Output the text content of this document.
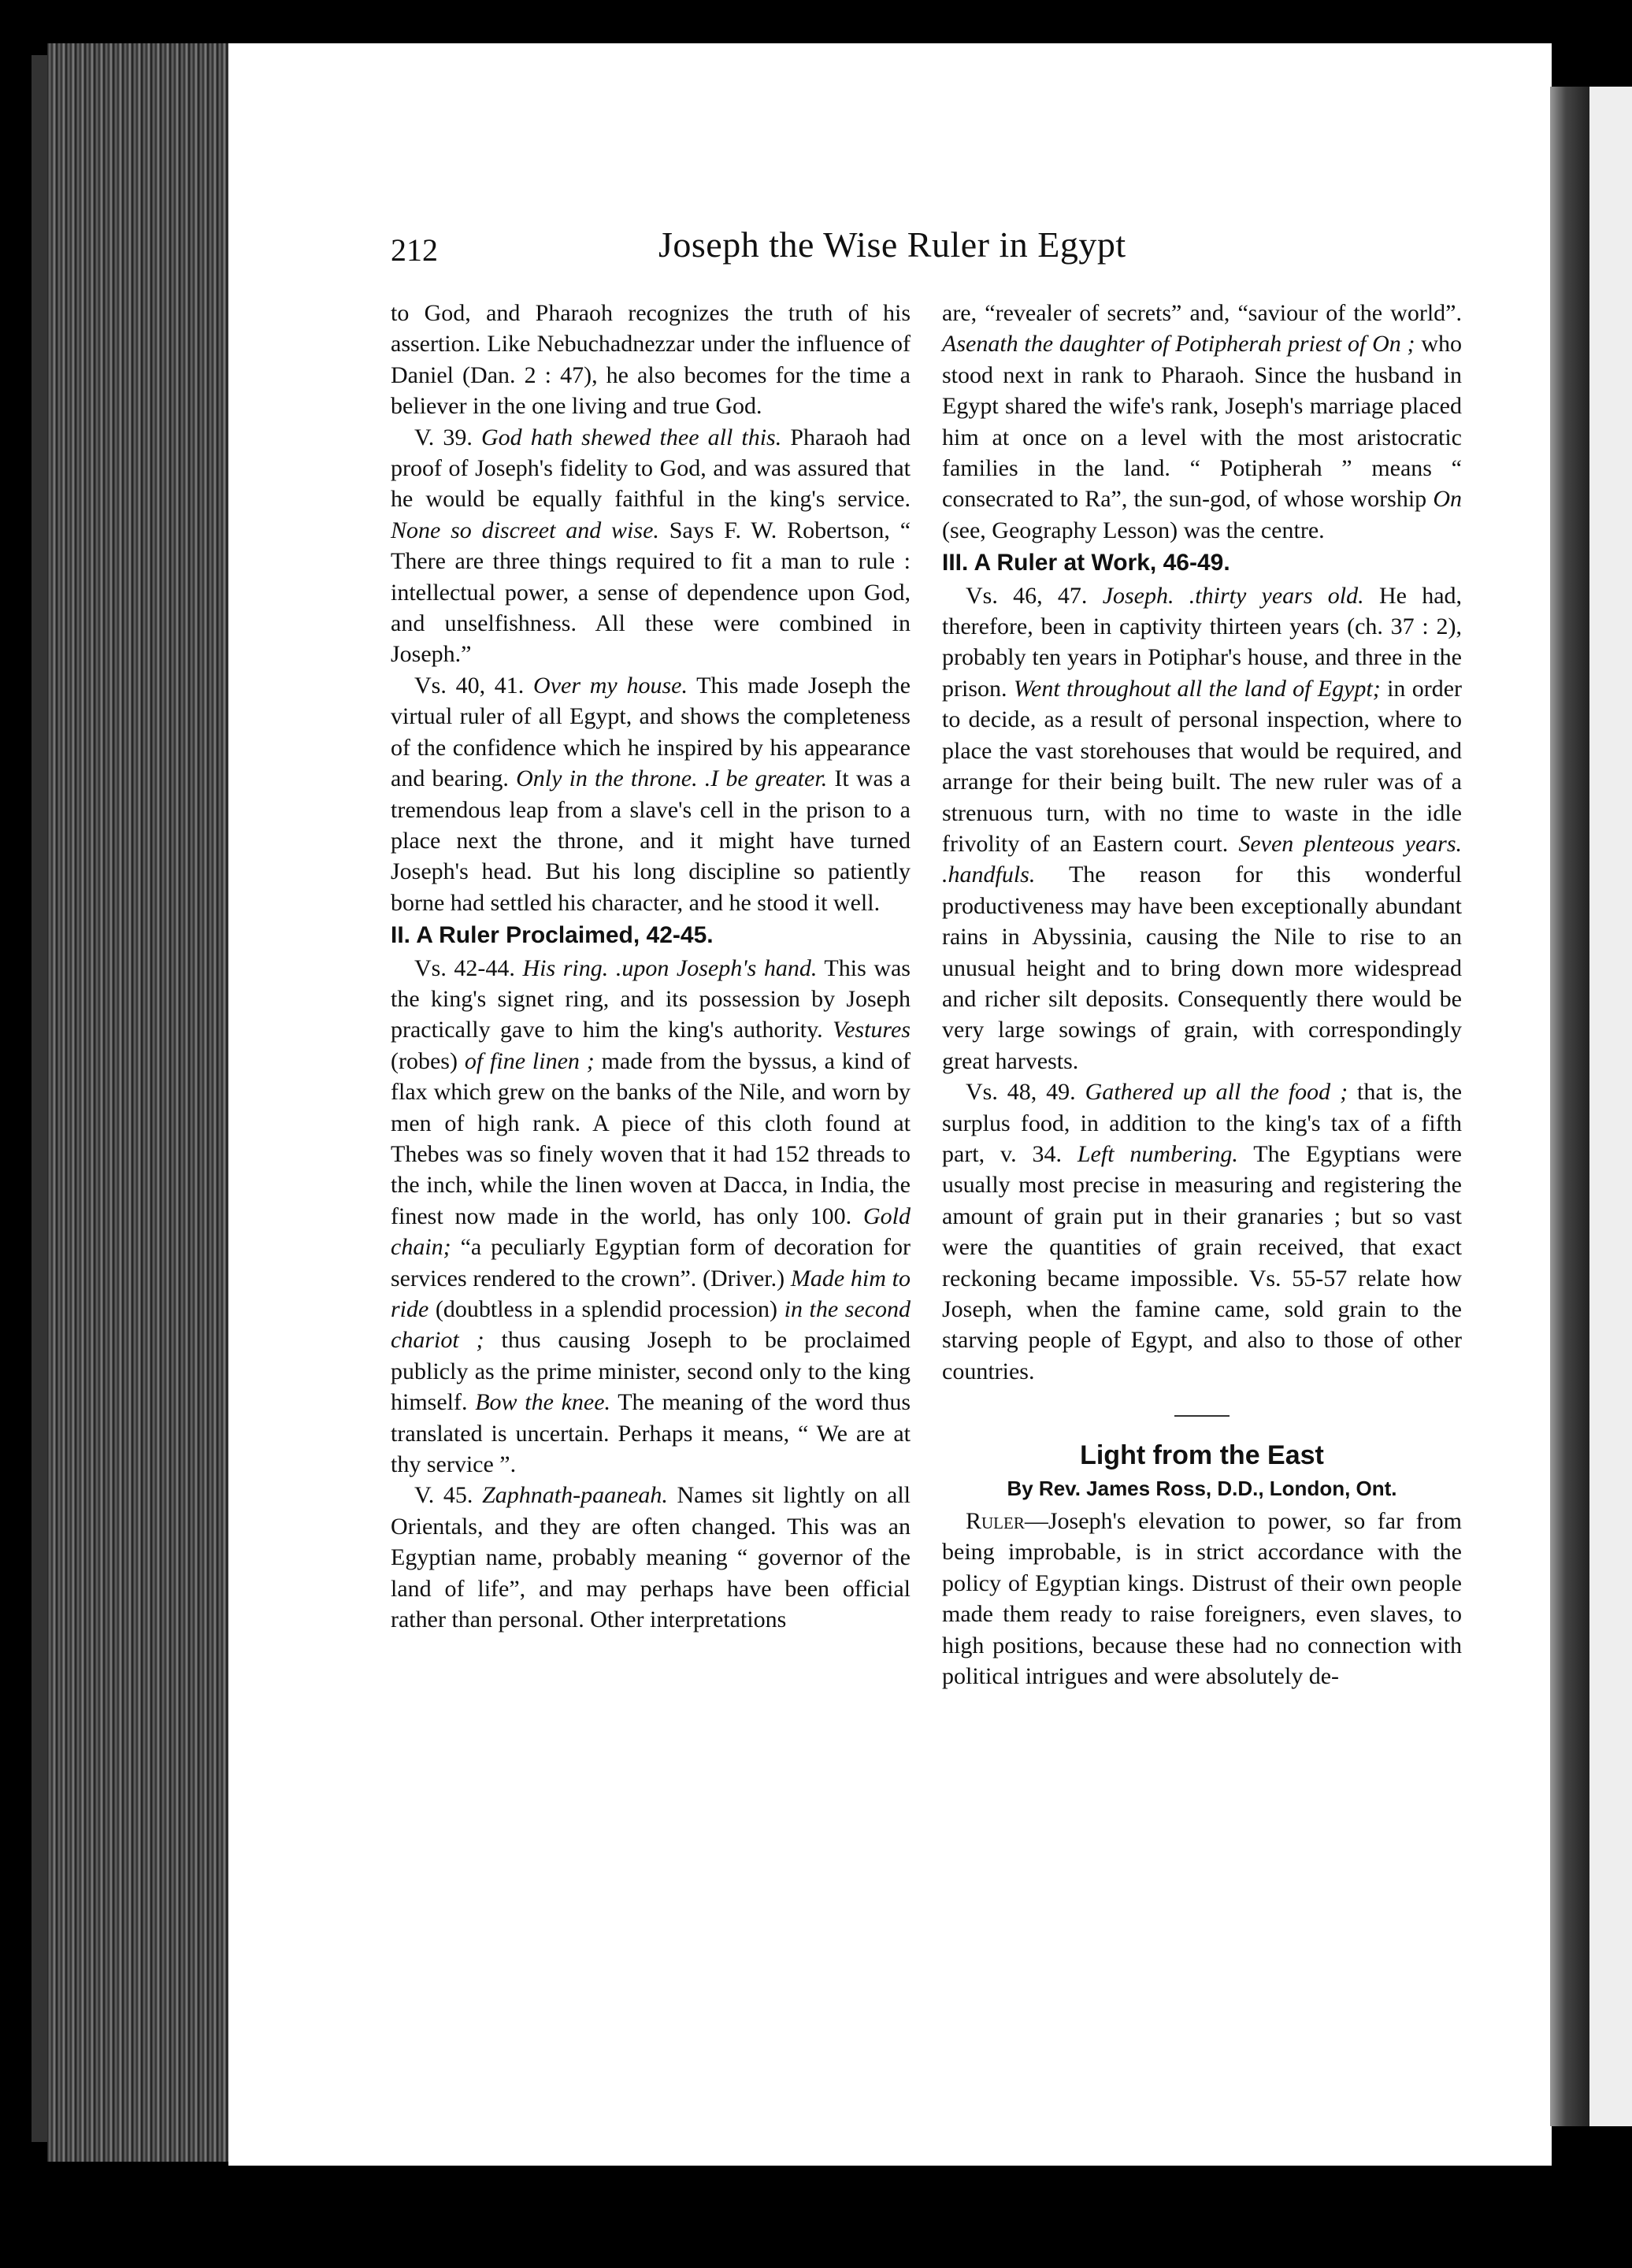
212	Joseph the Wise Ruler in Egypt

to God, and Pharaoh recognizes the truth of his assertion. Like Nebuchadnezzar under the influence of Daniel (Dan. 2 : 47), he also becomes for the time a believer in the one living and true God.

V. 39. God hath shewed thee all this. Pharaoh had proof of Joseph's fidelity to God, and was assured that he would be equally faithful in the king's service. None so discreet and wise. Says F. W. Robertson, “ There are three things required to fit a man to rule : intellectual power, a sense of dependence upon God, and unselfishness. All these were combined in Joseph.”

Vs. 40, 41. Over my house. This made Joseph the virtual ruler of all Egypt, and shows the completeness of the confidence which he inspired by his appearance and bearing. Only in the throne. .I be greater. It was a tremendous leap from a slave's cell in the prison to a place next the throne, and it might have turned Joseph's head. But his long discipline so patiently borne had settled his character, and he stood it well.

II. A Ruler Proclaimed, 42-45.

Vs. 42-44. His ring. .upon Joseph's hand. This was the king's signet ring, and its possession by Joseph practically gave to him the king's authority. Vestures (robes) of fine linen ; made from the byssus, a kind of flax which grew on the banks of the Nile, and worn by men of high rank. A piece of this cloth found at Thebes was so finely woven that it had 152 threads to the inch, while the linen woven at Dacca, in India, the finest now made in the world, has only 100. Gold chain; “a peculiarly Egyptian form of decoration for services rendered to the crown”. (Driver.) Made him to ride (doubtless in a splendid procession) in the second chariot ; thus causing Joseph to be proclaimed publicly as the prime minister, second only to the king himself. Bow the knee. The meaning of the word thus translated is uncertain. Perhaps it means, “ We are at thy service ”.

V. 45. Zaphnath-paaneah. Names sit lightly on all Orientals, and they are often changed. This was an Egyptian name, probably meaning “ governor of the land of life”, and may perhaps have been official rather than personal. Other interpretations

are, “revealer of secrets” and, “saviour of the world”. Asenath the daughter of Potipherah priest of On ; who stood next in rank to Pharaoh. Since the husband in Egypt shared the wife's rank, Joseph's marriage placed him at once on a level with the most aristocratic families in the land. “ Potipherah ” means “ consecrated to Ra”, the sun-god, of whose worship On (see, Geography Lesson) was the centre.

III. A Ruler at Work, 46-49.

Vs. 46, 47. Joseph. .thirty years old. He had, therefore, been in captivity thirteen years (ch. 37 : 2), probably ten years in Potiphar's house, and three in the prison. Went throughout all the land of Egypt; in order to decide, as a result of personal inspection, where to place the vast storehouses that would be required, and arrange for their being built. The new ruler was of a strenuous turn, with no time to waste in the idle frivolity of an Eastern court. Seven plenteous years. .handfuls. The reason for this wonderful productiveness may have been exceptionally abundant rains in Abyssinia, causing the Nile to rise to an unusual height and to bring down more widespread and richer silt deposits. Consequently there would be very large sowings of grain, with correspondingly great harvests.

Vs. 48, 49. Gathered up all the food ; that is, the surplus food, in addition to the king's tax of a fifth part, v. 34. Left numbering. The Egyptians were usually most precise in measuring and registering the amount of grain put in their granaries ; but so vast were the quantities of grain received, that exact reckoning became impossible. Vs. 55-57 relate how Joseph, when the famine came, sold grain to the starving people of Egypt, and also to those of other countries.

Light from the East
By Rev. James Ross, D.D., London, Ont.

Ruler—Joseph's elevation to power, so far from being improbable, is in strict accordance with the policy of Egyptian kings. Distrust of their own people made them ready to raise foreigners, even slaves, to high positions, because these had no connection with political intrigues and were absolutely de-
